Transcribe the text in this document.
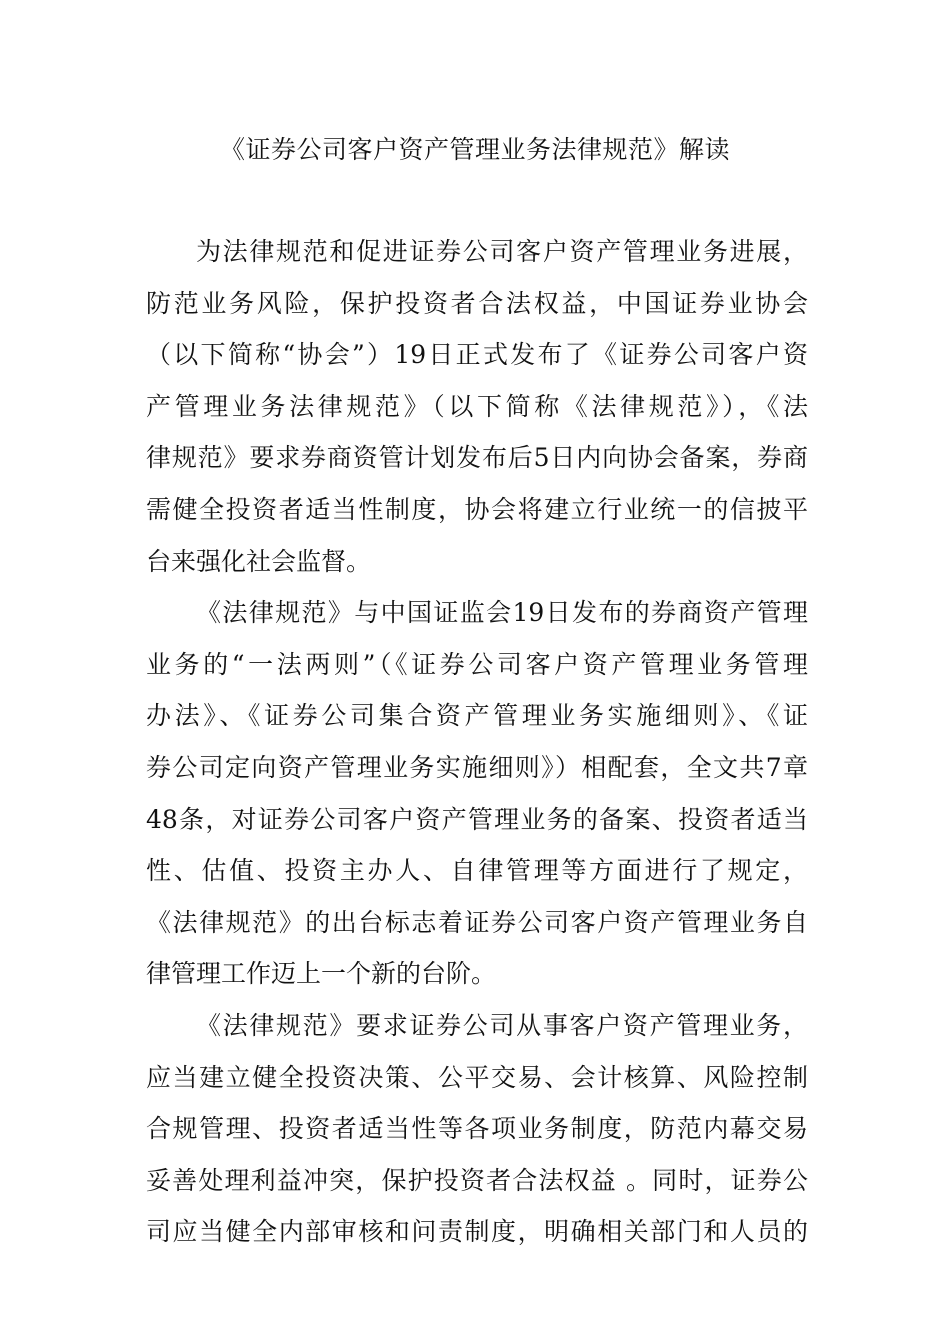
《证券公司客户资产管理业务法律规范》解读
为法律规范和促进证券公司客户资产管理业务进展，
防范业务风险，保护投资者合法权益，中国证券业协会
（以下简称“协会”）19日正式发布了《证券公司客户资
产管理业务法律规范》（以下简称《法律规范》），《法
律规范》要求券商资管计划发布后5日内向协会备案，券商
需健全投资者适当性制度，协会将建立行业统一的信披平
台来强化社会监督。
《法律规范》与中国证监会19日发布的券商资产管理
业务的“一法两则”（《证券公司客户资产管理业务管理
办法》、《证券公司集合资产管理业务实施细则》、《证
券公司定向资产管理业务实施细则》）相配套，全文共7章
48条，对证券公司客户资产管理业务的备案、投资者适当
性、估值、投资主办人、自律管理等方面进行了规定，
《法律规范》的出台标志着证券公司客户资产管理业务自
律管理工作迈上一个新的台阶。
《法律规范》要求证券公司从事客户资产管理业务，
应当建立健全投资决策、公平交易、会计核算、风险控制
合规管理、投资者适当性等各项业务制度，防范内幕交易
妥善处理利益冲突，保护投资者合法权益 。同时，证券公
司应当健全内部审核和问责制度，明确相关部门和人员的
